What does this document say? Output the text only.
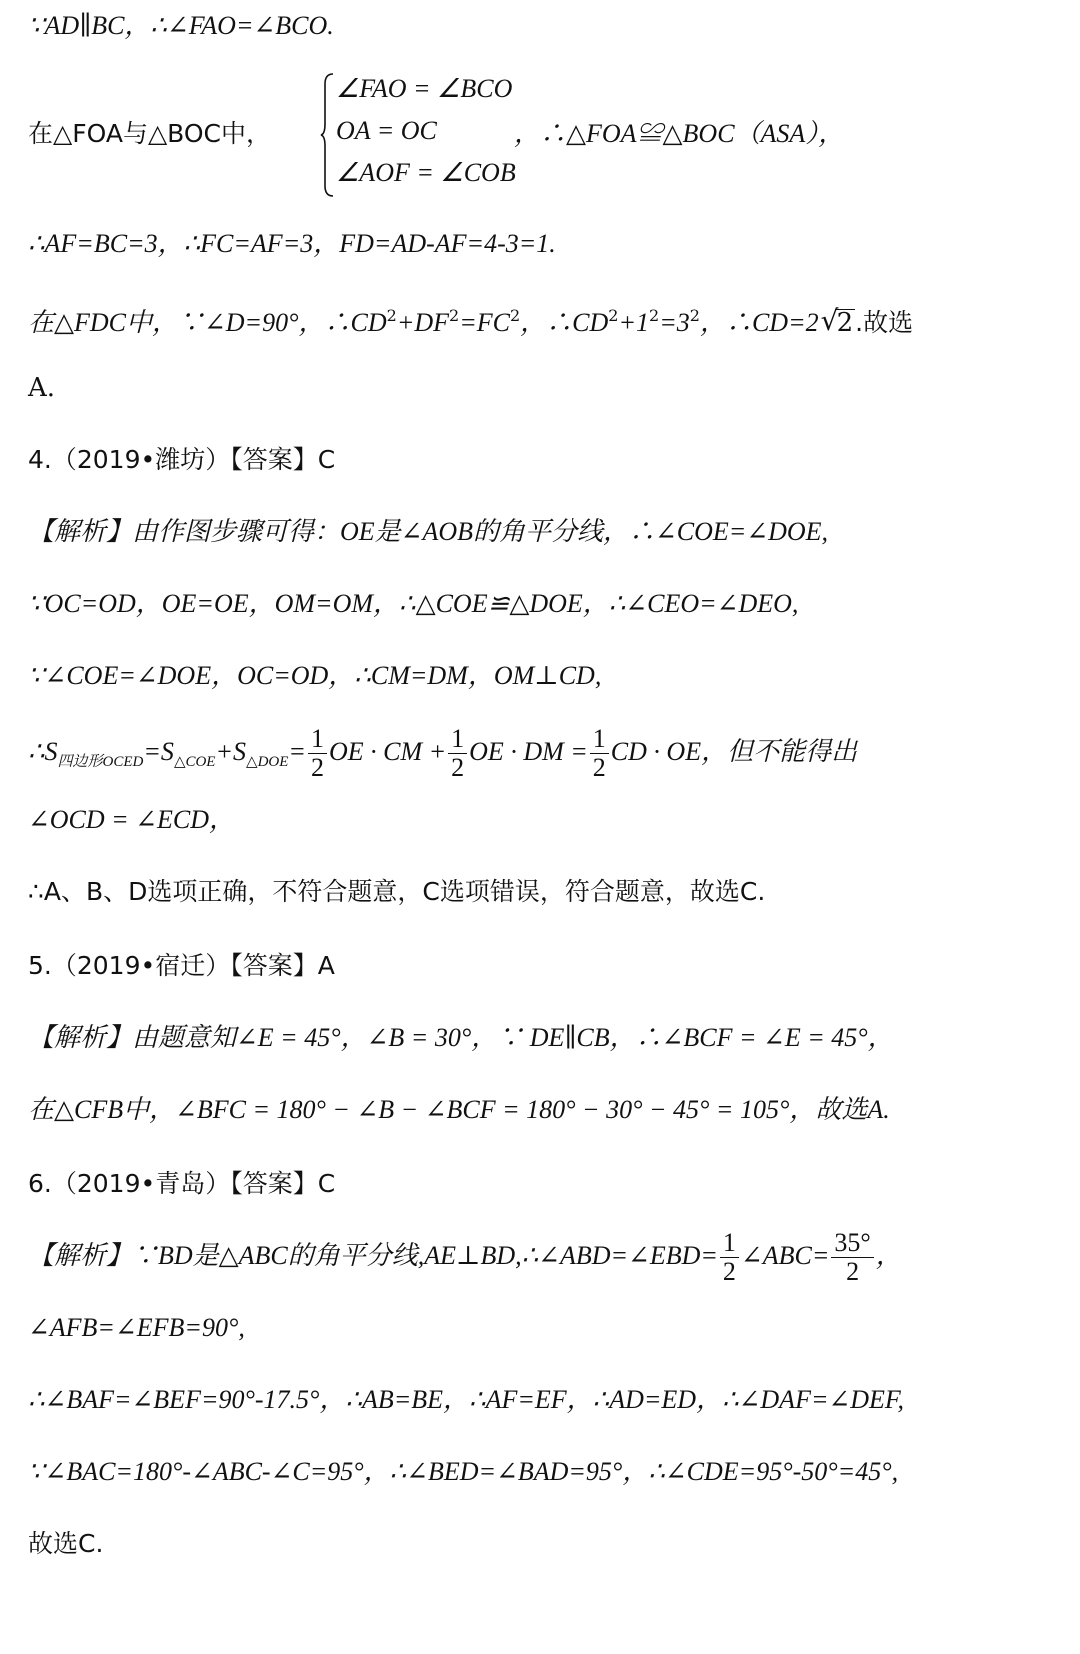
∵AD∥BC，∴∠FAO=∠BCO.
在△FOA与△BOC中，
∠FAO = ∠BCO
OA = OC
∠AOF = ∠COB
，∴△FOA≌△BOC（ASA），
∴AF=BC=3，∴FC=AF=3，FD=AD-AF=4-3=1.
在△FDC中，∵∠D=90°，$\therefore CD^2+DF^2=FC^2$，$\therefore CD^2+1^2=3^2$，∴CD=2 √
2.故选
A.
4.（2019•潍坊）【答案】C
【解析】由作图步骤可得：OE是∠AOB的角平分线，∴∠COE=∠DOE,
∵OC=OD，OE=OE，OM=OM，∴△COE≌△DOE，∴∠CEO=∠DEO,
∵∠COE=∠DOE，OC=OD，∴CM=DM，OM⊥CD,
$\therefore S_{四边形OCED}=S_{\triangle COE}+S_{\triangle DOE}= \frac{1}{2}$ OE · CM + $\frac{1}{2}$ OE · DM = $\frac{1}{2}$ CD · OE，但不能得出
∠OCD = ∠ECD，
∴A、B、D选项正确，不符合题意，C选项错误，符合题意，故选C.
5.（2019•宿迁）【答案】A
【解析】由题意知∠E = 45°，∠B = 30°，∵ DE∥CB，∴∠BCF = ∠E = 45°，
在△CFB中，∠BFC = 180° − ∠B − ∠BCF = 180° − 30° − 45° = 105°，故选A.
6.（2019•青岛）【答案】C
【解析】∵BD是△ABC的角平分线,AE⊥BD,∴∠ABD=∠EBD= $\frac{1}{2}$ ∠ABC= $\frac{35^\circ}{2}$ ，
∠AFB=∠EFB=90°,
∴∠BAF=∠BEF=90°-17.5°，∴AB=BE，∴AF=EF，∴AD=ED，∴∠DAF=∠DEF,
∵∠BAC=180°-∠ABC-∠C=95°，∴∠BED=∠BAD=95°，∴∠CDE=95°-50°=45°,
故选C.
